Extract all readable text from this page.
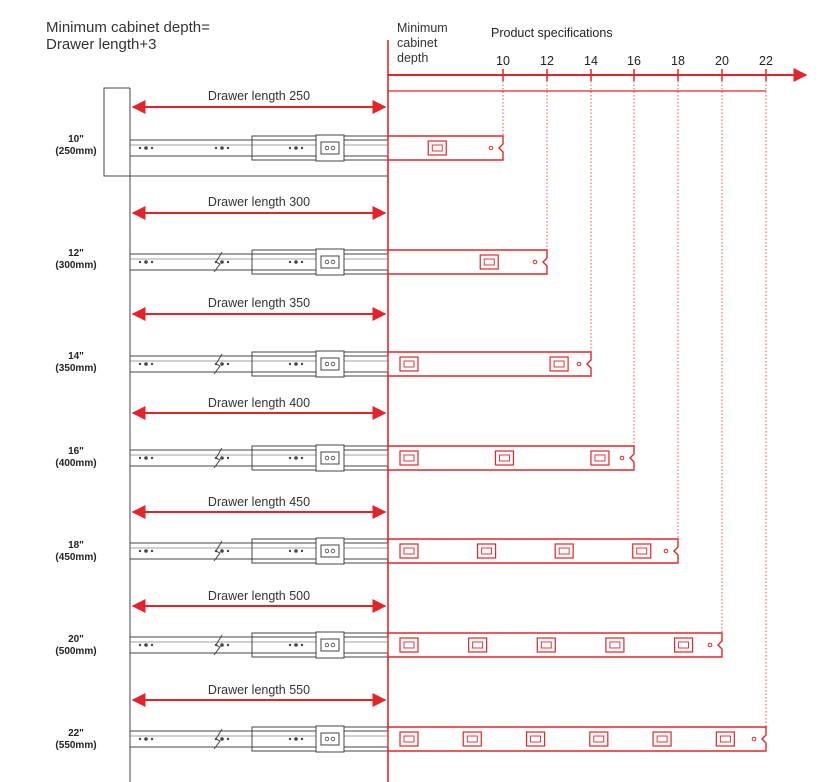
Minimum cabinet depth=
Drawer length+3
Minimum
cabinet
depth
Product specifications
10 12 14 16 18 20 22
10"
(250mm)
12"
(300mm)
14"
(350mm)
16"
(400mm)
18"
(450mm)
20"
(500mm)
22"
(550mm)
Drawer length 250
Drawer length 300
Drawer length 350
Drawer length 400
Drawer length 450
Drawer length 500
Drawer length 550
